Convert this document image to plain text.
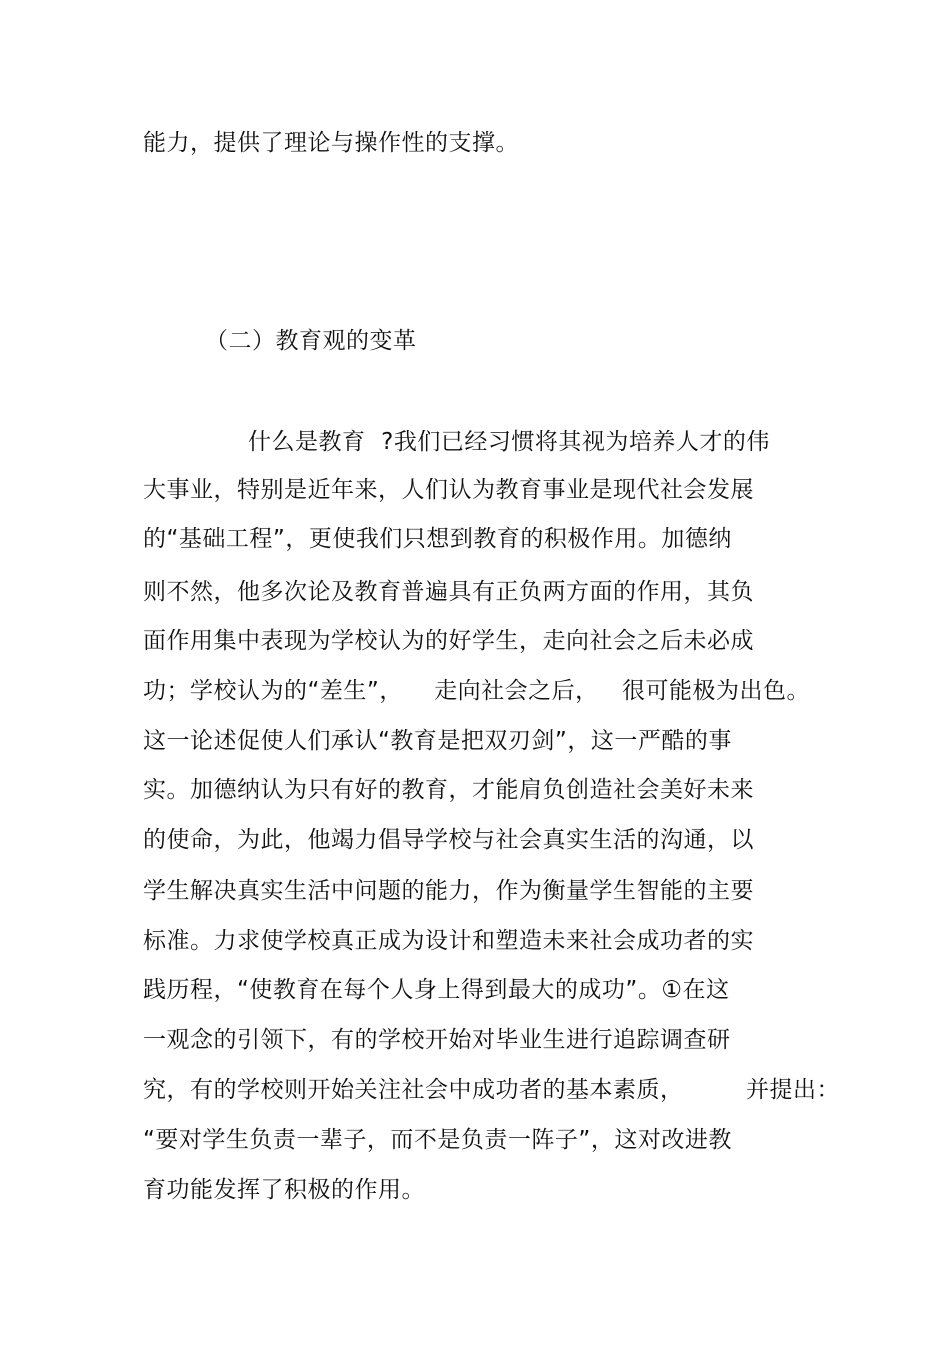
能力，提供了理论与操作性的支撑。
（二）教育观的变革
什么是教育  ?我们已经习惯将其视为培养人才的伟
大事业，特别是近年来，人们认为教育事业是现代社会发展
的“基础工程”，更使我们只想到教育的积极作用。加德纳
则不然，他多次论及教育普遍具有正负两方面的作用，其负
面作用集中表现为学校认为的好学生，走向社会之后未必成
功；学校认为的“差生”，    走向社会之后，   很可能极为出色。
这一论述促使人们承认“教育是把双刃剑”，这一严酷的事
实。加德纳认为只有好的教育，才能肩负创造社会美好未来
的使命，为此，他竭力倡导学校与社会真实生活的沟通，以
学生解决真实生活中问题的能力，作为衡量学生智能的主要
标准。力求使学校真正成为设计和塑造未来社会成功者的实
践历程，“使教育在每个人身上得到最大的成功”。①在这
一观念的引领下，有的学校开始对毕业生进行追踪调查研
究，有的学校则开始关注社会中成功者的基本素质，        并提出：
“要对学生负责一辈子，而不是负责一阵子”，这对改进教
育功能发挥了积极的作用。
